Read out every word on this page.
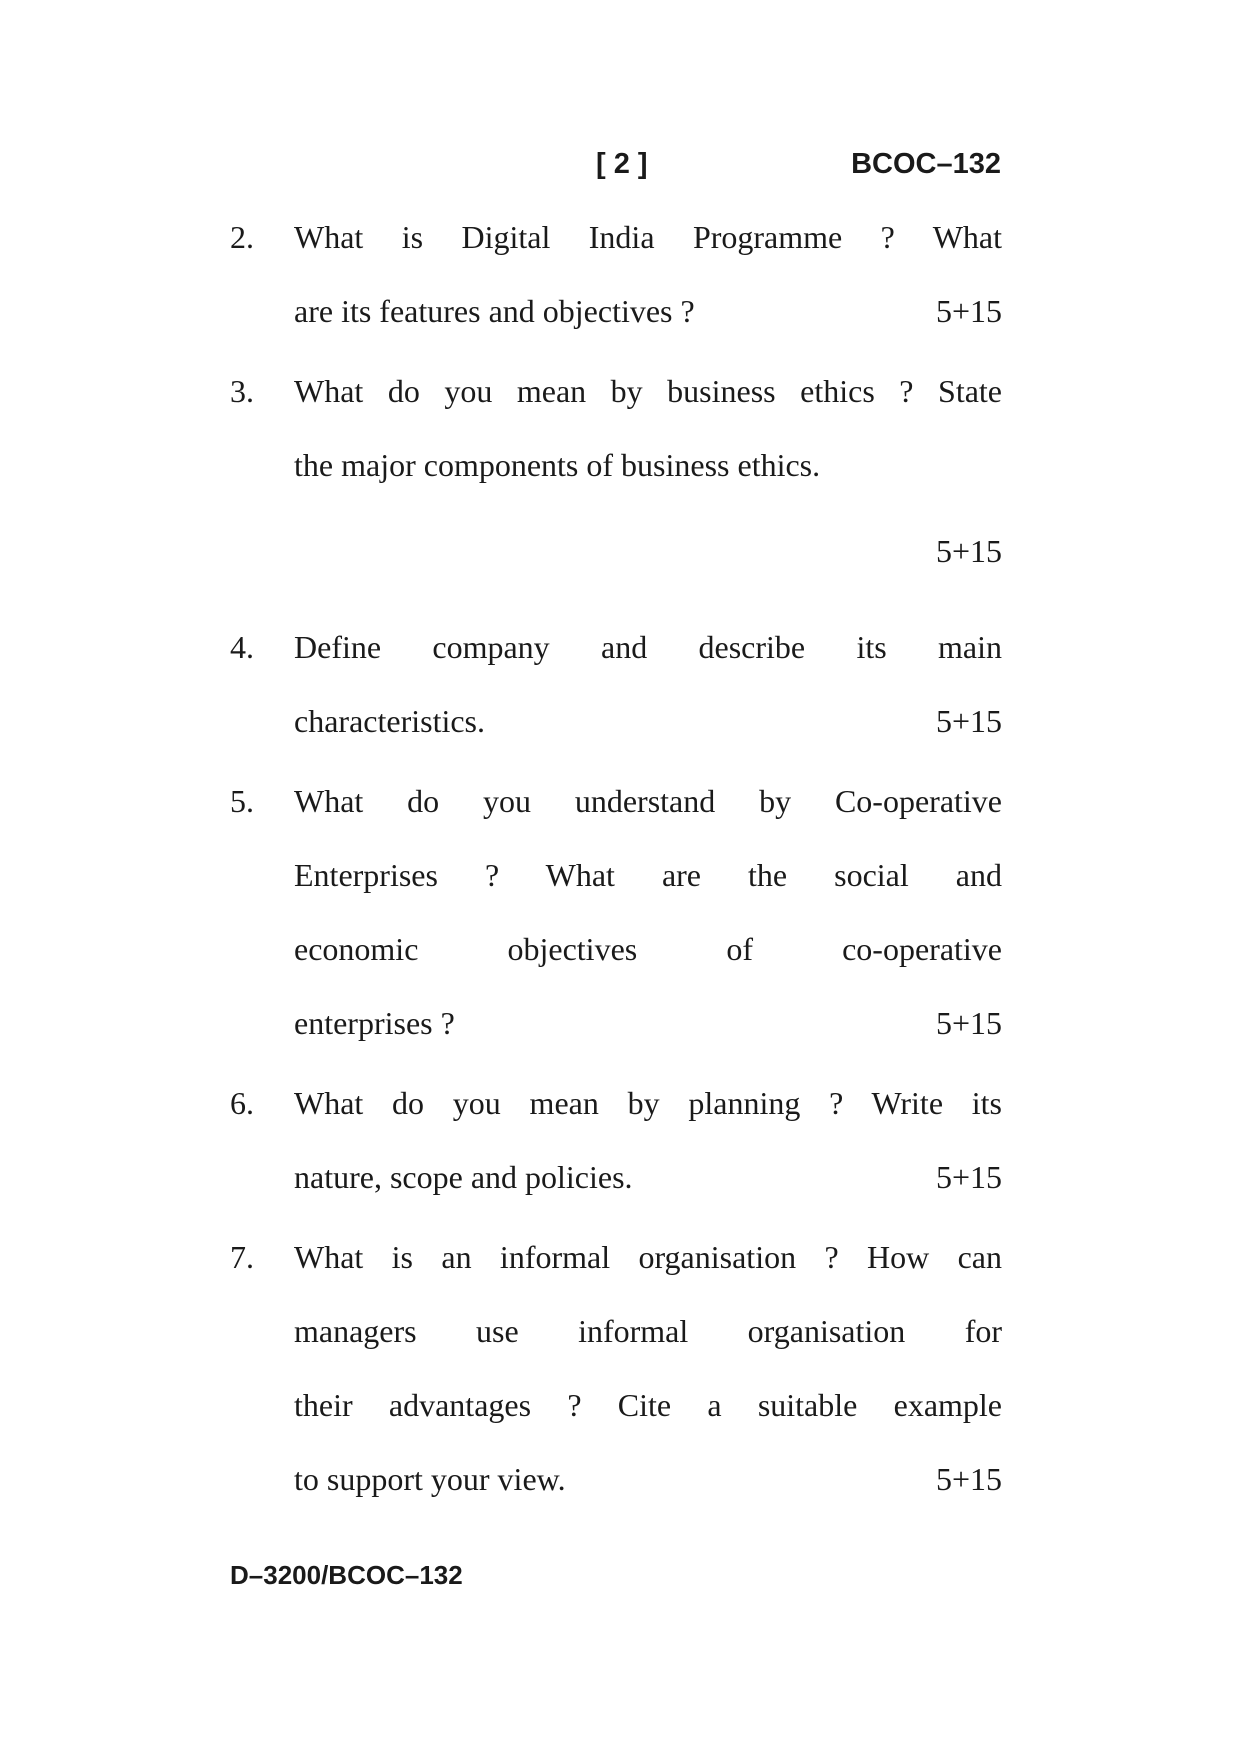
[ 2 ]	BCOC–132
2.	What is Digital India Programme ? What
are its features and objectives ?	5+15
3.	What do you mean by business ethics ? State
the major components of business ethics.
5+15
4.	Define company and describe its main
characteristics.	5+15
5.	What do you understand by Co-operative
Enterprises ? What are the social and
economic objectives of co-operative
enterprises ?	5+15
6.	What do you mean by planning ? Write its
nature, scope and policies.	5+15
7.	What is an informal organisation ? How can
managers use informal organisation for
their advantages ? Cite a suitable example
to support your view.	5+15
D–3200/BCOC–132
